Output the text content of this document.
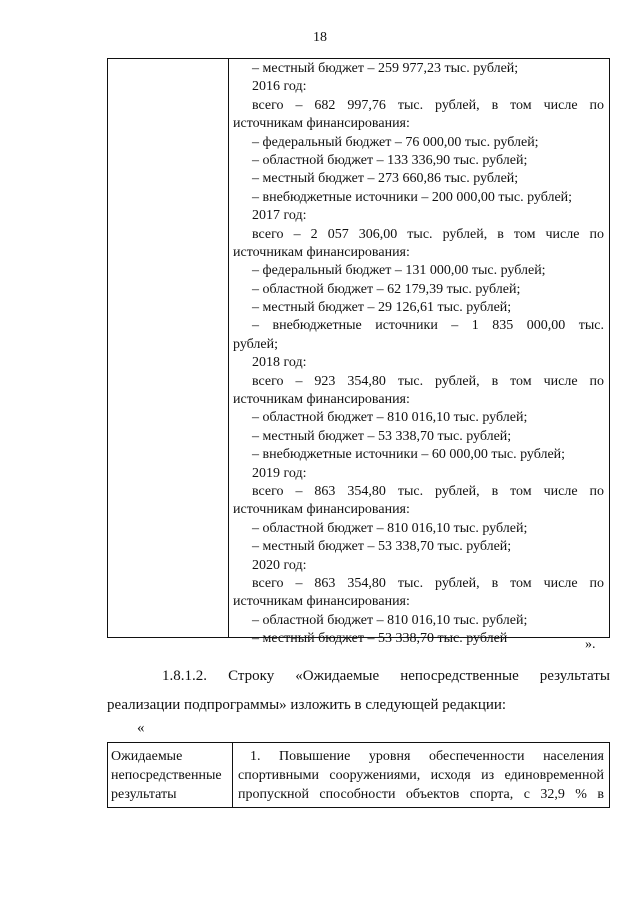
18
– местный бюджет – 259 977,23 тыс. рублей;
2016 год:
всего – 682 997,76 тыс. рублей, в том числе по
источникам финансирования:
– федеральный бюджет – 76 000,00 тыс. рублей;
– областной бюджет – 133 336,90 тыс. рублей;
– местный бюджет – 273 660,86 тыс. рублей;
– внебюджетные источники – 200 000,00 тыс. рублей;
2017 год:
всего – 2 057 306,00 тыс. рублей, в том числе по
источникам финансирования:
– федеральный бюджет – 131 000,00 тыс. рублей;
– областной бюджет – 62 179,39 тыс. рублей;
– местный бюджет – 29 126,61 тыс. рублей;
– внебюджетные источники – 1 835 000,00 тыс.
рублей;
2018 год:
всего – 923 354,80 тыс. рублей, в том числе по
источникам финансирования:
– областной бюджет – 810 016,10 тыс. рублей;
– местный бюджет – 53 338,70 тыс. рублей;
– внебюджетные источники – 60 000,00 тыс. рублей;
2019 год:
всего – 863 354,80 тыс. рублей, в том числе по
источникам финансирования:
– областной бюджет – 810 016,10 тыс. рублей;
– местный бюджет – 53 338,70 тыс. рублей;
2020 год:
всего – 863 354,80 тыс. рублей, в том числе по
источникам финансирования:
– областной бюджет – 810 016,10 тыс. рублей;
– местный бюджет – 53 338,70 тыс. рублей	».
1.8.1.2. Строку «Ожидаемые непосредственные результаты
реализации подпрограммы» изложить в следующей редакции:
«
Ожидаемые
непосредственные
результаты
1. Повышение уровня обеспеченности населения
спортивными сооружениями, исходя из единовременной
пропускной способности объектов спорта, с 32,9 % в
